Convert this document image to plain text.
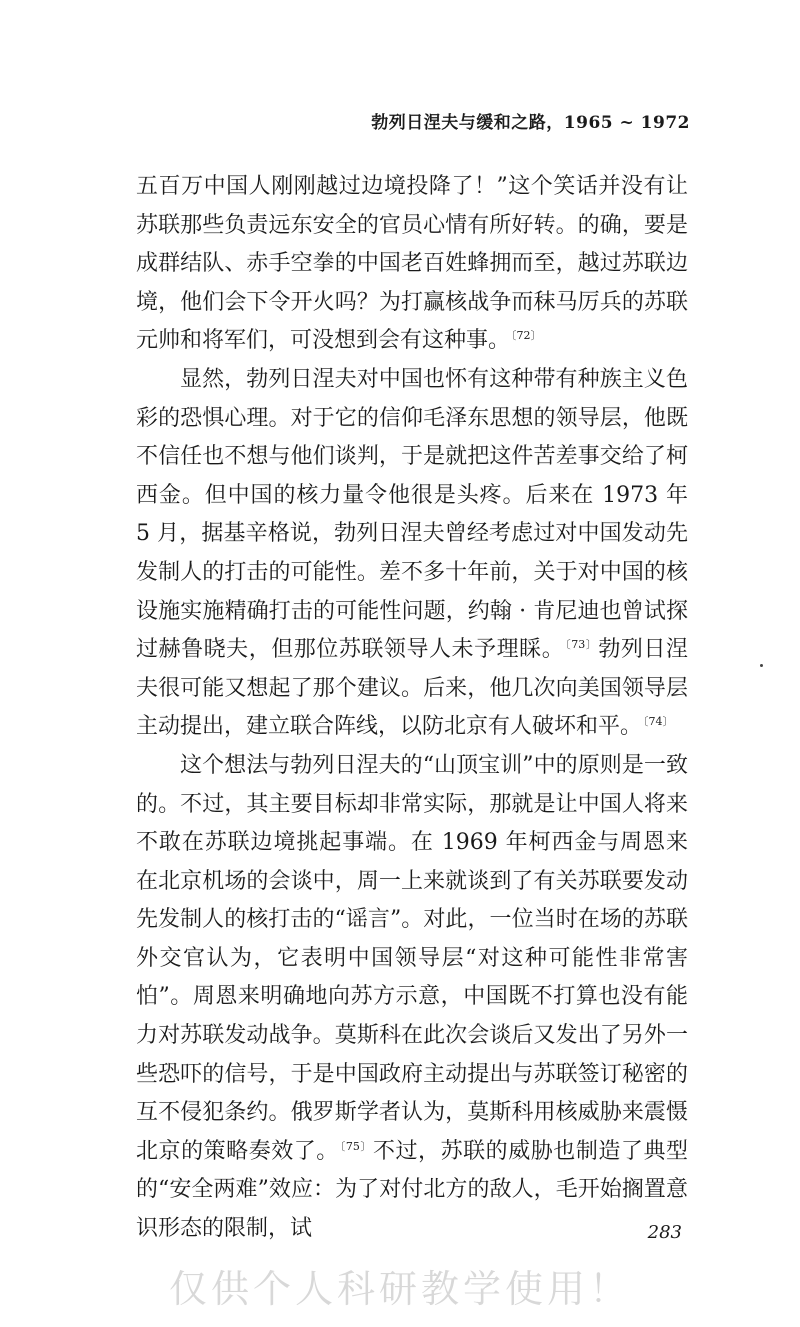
勃列日涅夫与缓和之路，1965 ~ 1972

五百万中国人刚刚越过边境投降了！”这个笑话并没有让苏联那些负责远东安全的官员心情有所好转。的确，要是成群结队、赤手空拳的中国老百姓蜂拥而至，越过苏联边境，他们会下令开火吗？为打赢核战争而秣马厉兵的苏联元帅和将军们，可没想到会有这种事。$^{〔72〕}$

显然，勃列日涅夫对中国也怀有这种带有种族主义色彩的恐惧心理。对于它的信仰毛泽东思想的领导层，他既不信任也不想与他们谈判，于是就把这件苦差事交给了柯西金。但中国的核力量令他很是头疼。后来在 1973 年 5 月，据基辛格说，勃列日涅夫曾经考虑过对中国发动先发制人的打击的可能性。差不多十年前，关于对中国的核设施实施精确打击的可能性问题，约翰 · 肯尼迪也曾试探过赫鲁晓夫，但那位苏联领导人未予理睬。$^{〔73〕}$勃列日涅夫很可能又想起了那个建议。后来，他几次向美国领导层主动提出，建立联合阵线，以防北京有人破坏和平。$^{〔74〕}$

这个想法与勃列日涅夫的“山顶宝训”中的原则是一致的。不过，其主要目标却非常实际，那就是让中国人将来不敢在苏联边境挑起事端。在 1969 年柯西金与周恩来在北京机场的会谈中，周一上来就谈到了有关苏联要发动先发制人的核打击的“谣言”。对此，一位当时在场的苏联外交官认为，它表明中国领导层“对这种可能性非常害怕”。周恩来明确地向苏方示意，中国既不打算也没有能力对苏联发动战争。莫斯科在此次会谈后又发出了另外一些恐吓的信号，于是中国政府主动提出与苏联签订秘密的互不侵犯条约。俄罗斯学者认为，莫斯科用核威胁来震慑北京的策略奏效了。$^{〔75〕}$不过，苏联的威胁也制造了典型的“安全两难”效应：为了对付北方的敌人，毛开始搁置意识形态的限制，试	283
仅供个人科研教学使用！
